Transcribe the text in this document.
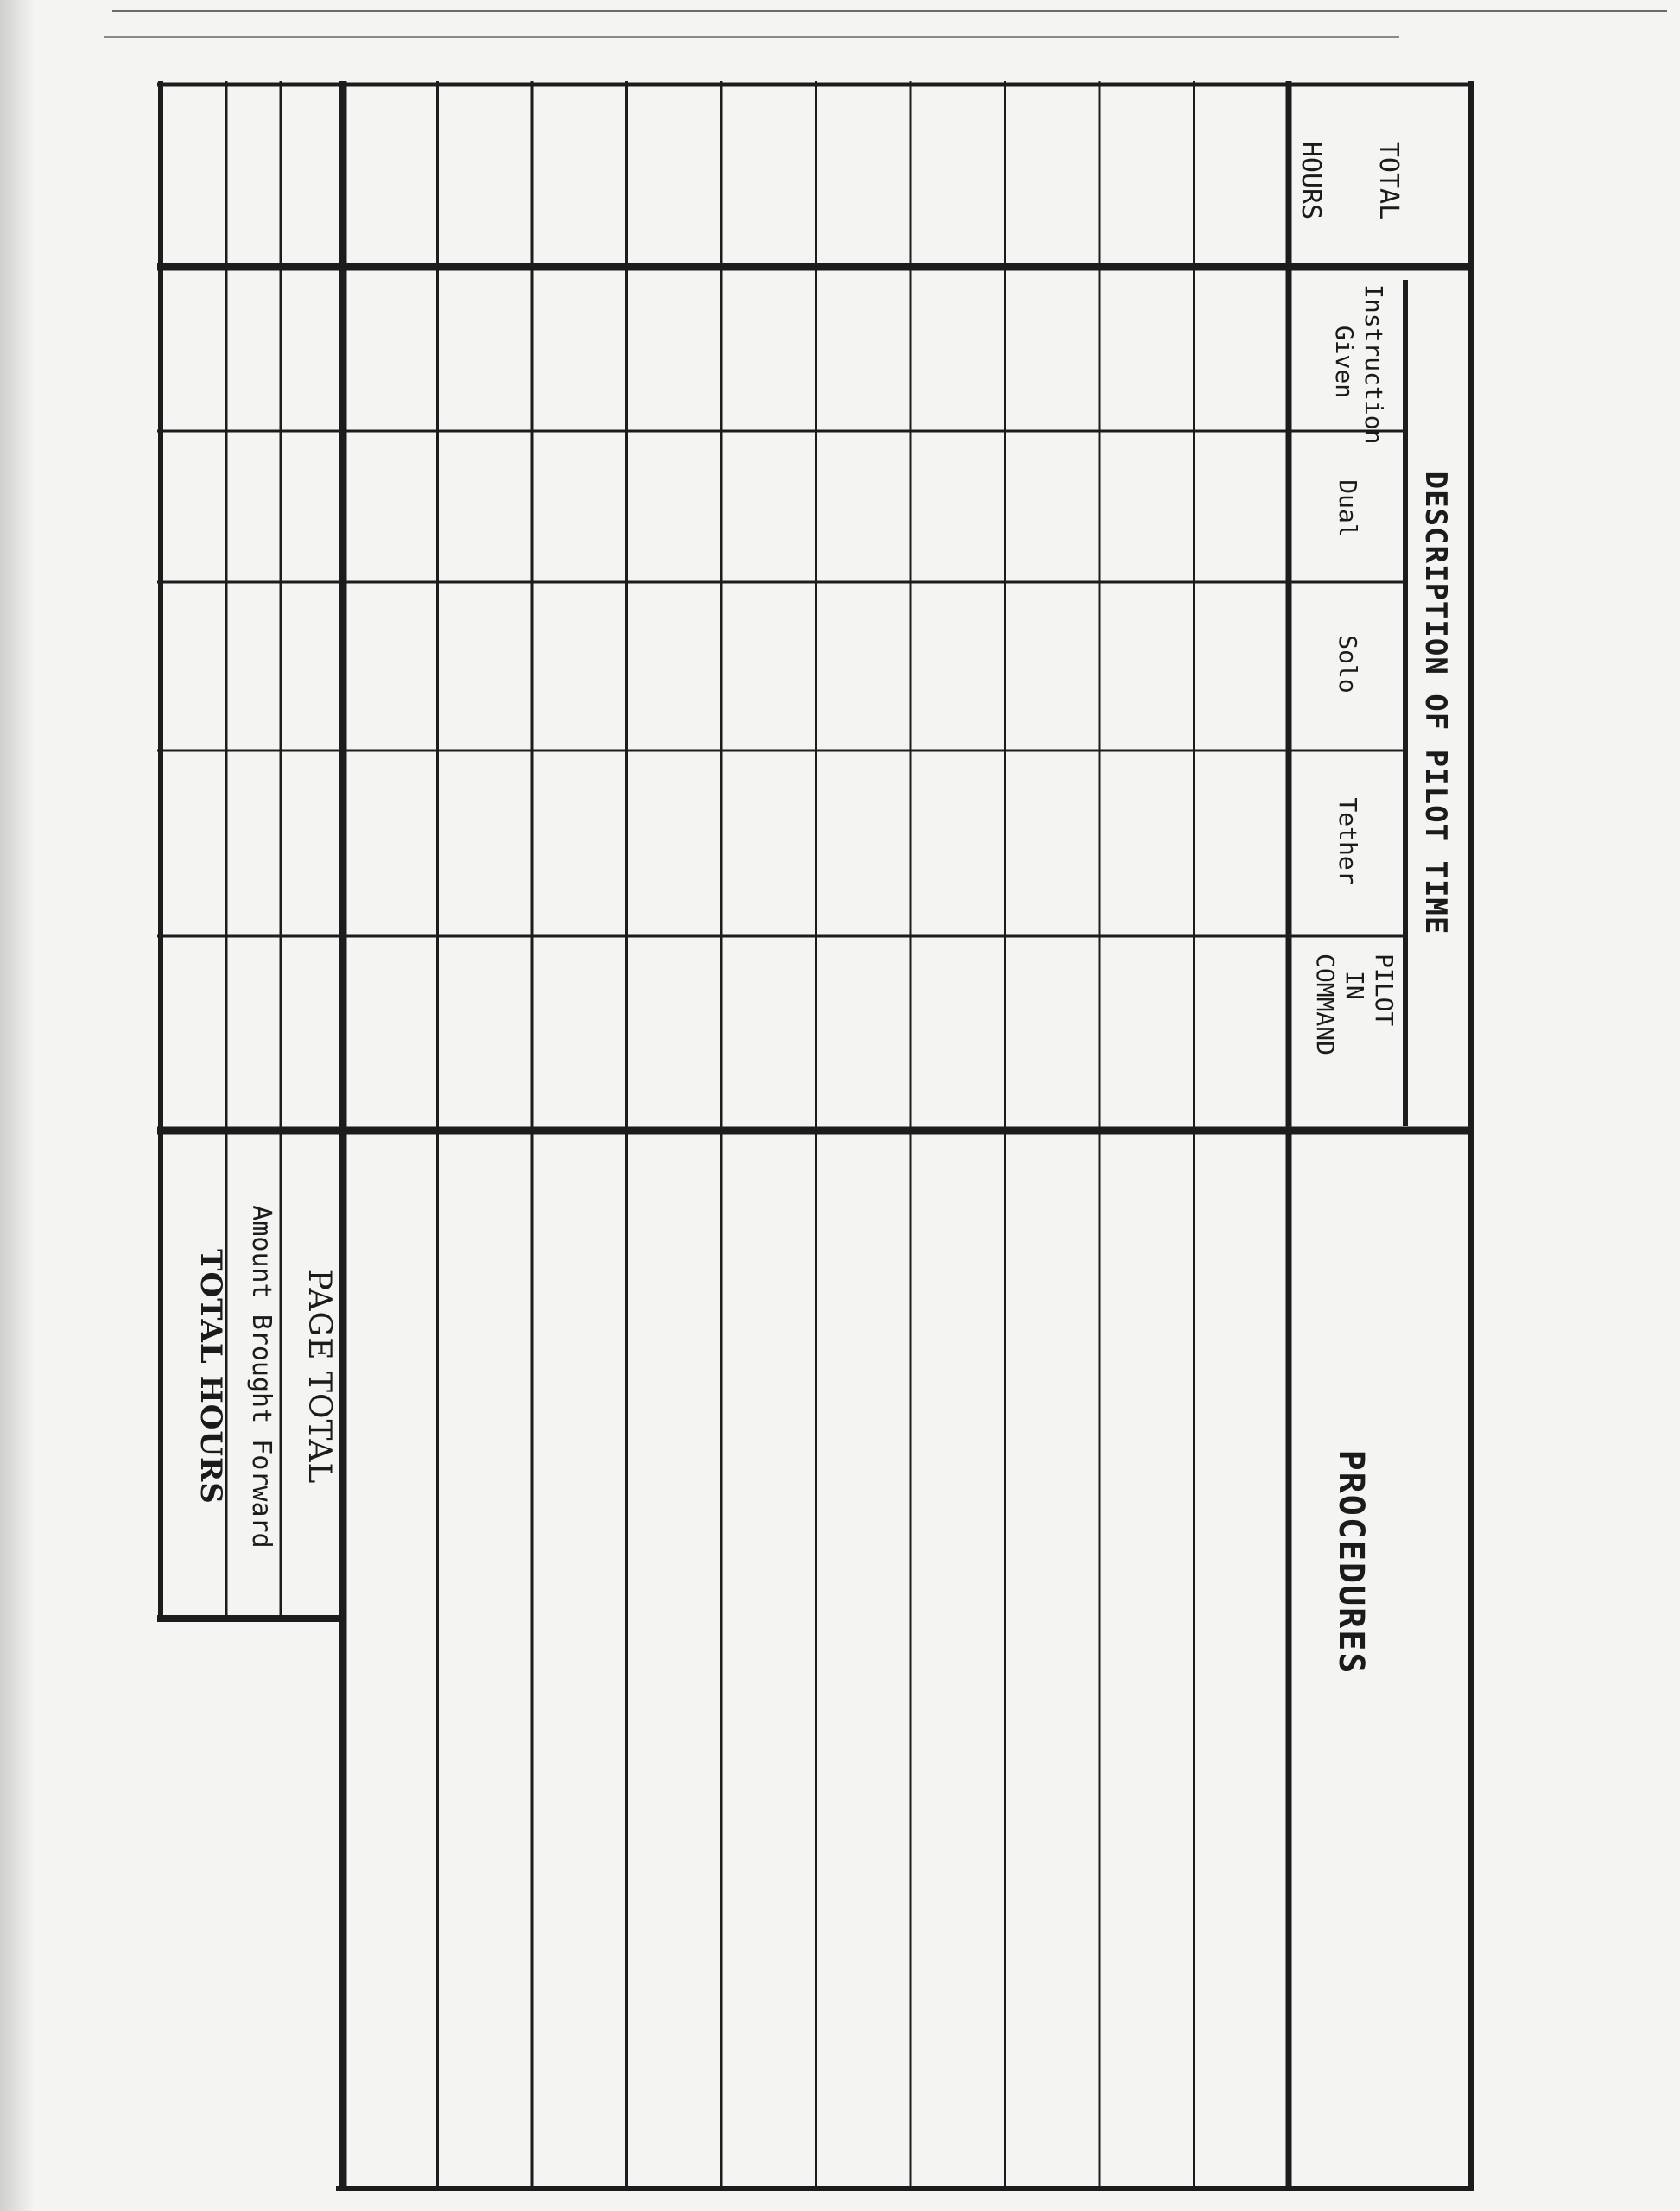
PROCEDURES
DESCRIPTION OF PILOT TIME
PILOT
IN
COMMAND
Tether
Solo
Dual
Instruction
Given
TOTAL
HOURS
PAGE TOTAL
Amount Brought Forward
TOTAL HOURS
